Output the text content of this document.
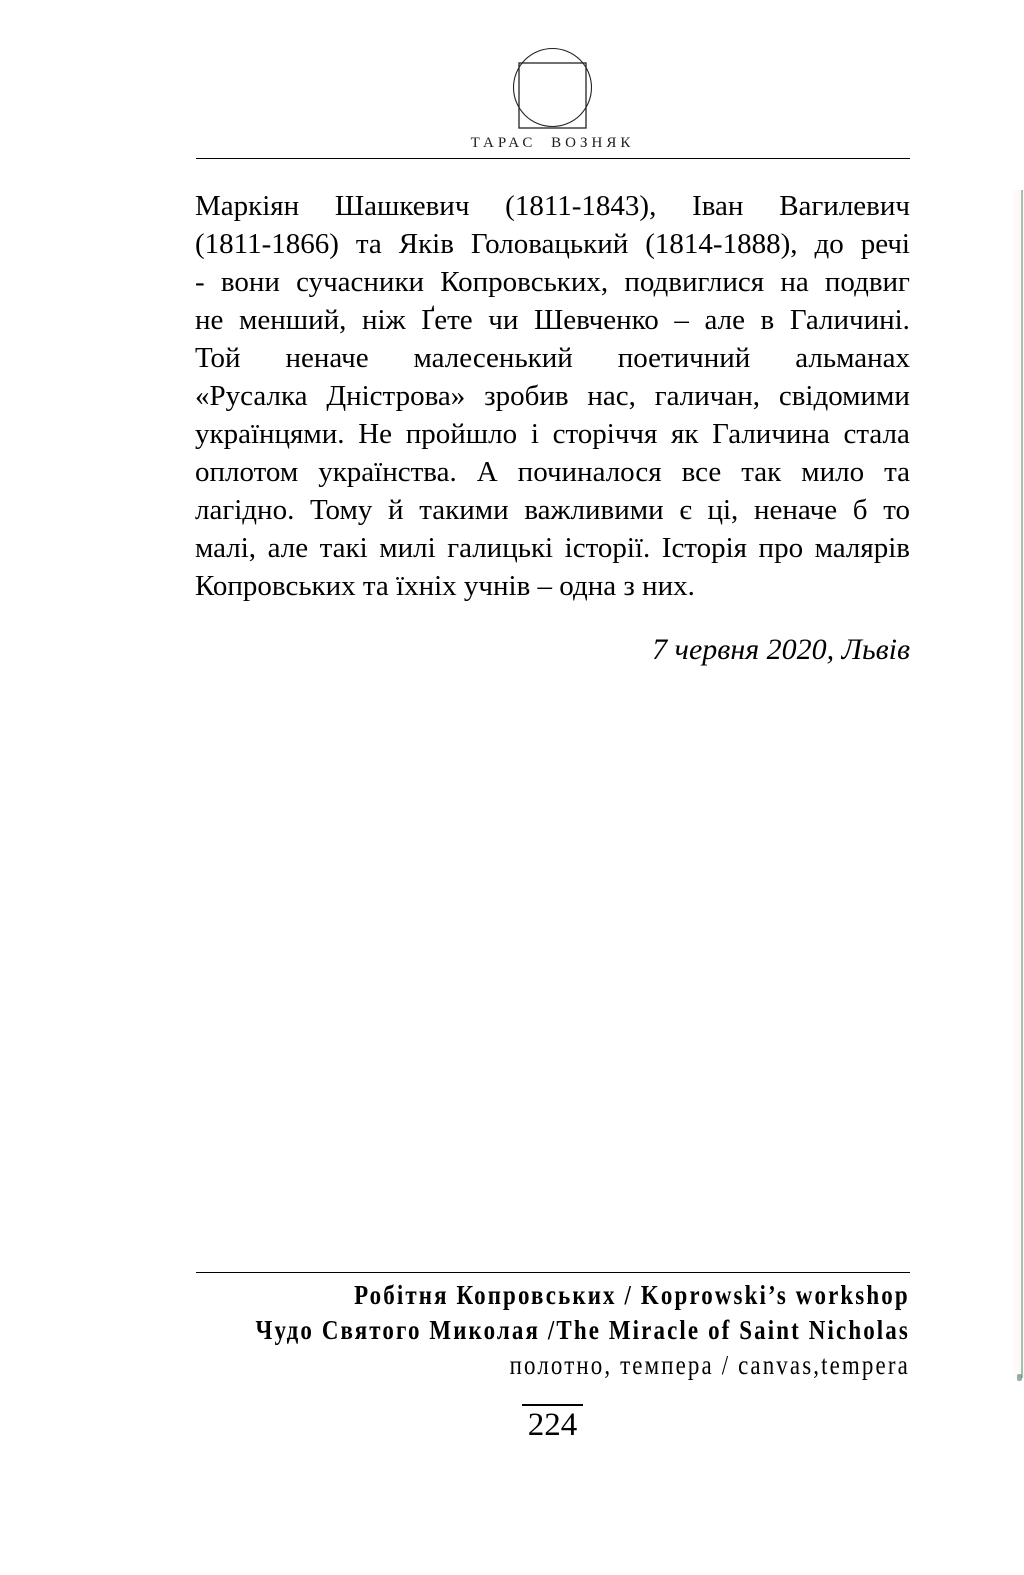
ТАРАС ВОЗНЯК
Маркіян Шашкевич (1811-1843), Іван Вагилевич
(1811-1866) та Яків Головацький (1814-1888), до речі
- вони сучасники Копровських, подвиглися на подвиг
не менший, ніж Ґете чи Шевченко – але в Галичині.
Той неначе малесенький поетичний альманах
«Русалка Дністрова» зробив нас, галичан, свідомими
українцями. Не пройшло і сторіччя як Галичина стала
оплотом українства. А починалося все так мило та
лагідно. Тому й такими важливими є ці, неначе б то
малі, але такі милі галицькі історії. Історія про малярів
Копровських та їхніх учнів – одна з них.
7 червня 2020, Львів
Робітня Копровських / Koprowski’s workshop
Чудо Святого Миколая /The Miracle of Saint Nicholas
полотно, темпера / canvas,tempera
224
